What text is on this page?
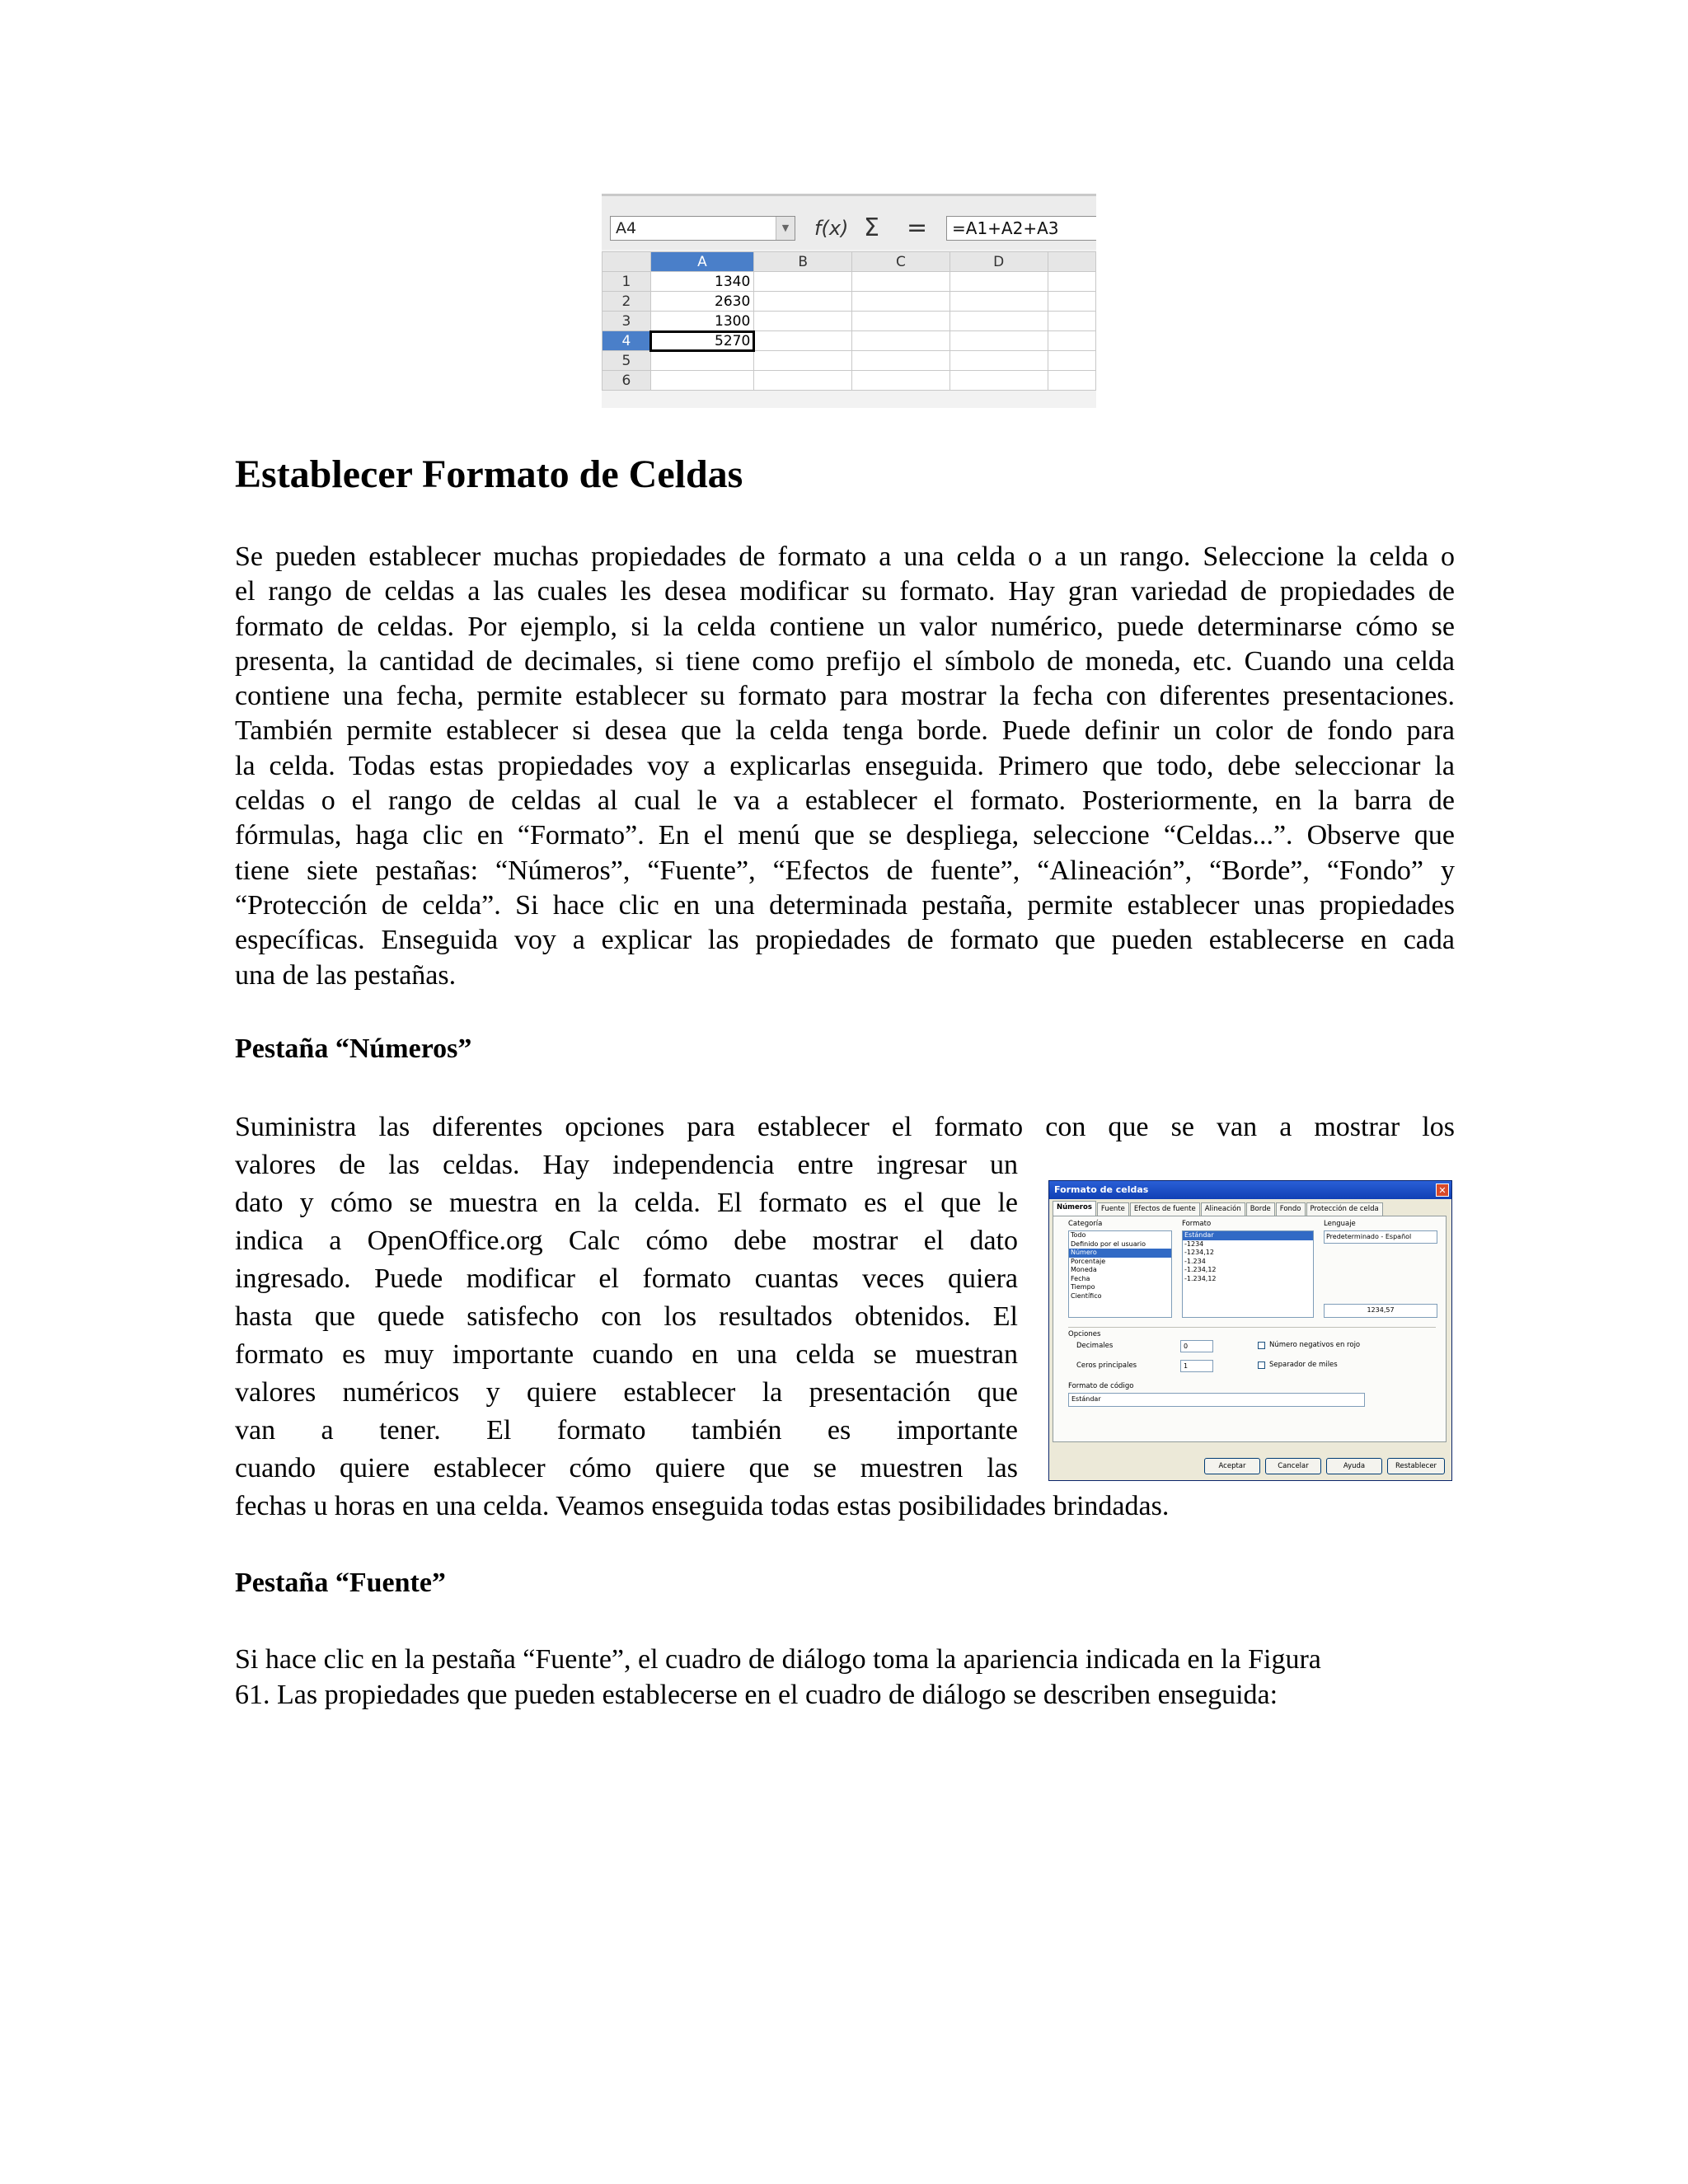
A4	▼ f(x) Σ =	=A1+A2+A3
	A	B	C	D	
1	1340				
2	2630				
3	1300				
4	5270				
5					
6					
Establecer Formato de Celdas

Se pueden establecer muchas propiedades de formato a una celda o a un rango. Seleccione la celda o
el rango de celdas a las cuales les desea modificar su formato. Hay gran variedad de propiedades de
formato de celdas. Por ejemplo, si la celda contiene un valor numérico, puede determinarse cómo se
presenta, la cantidad de decimales, si tiene como prefijo el símbolo de moneda, etc. Cuando una celda
contiene una fecha, permite establecer su formato para mostrar la fecha con diferentes presentaciones.
También permite establecer si desea que la celda tenga borde. Puede definir un color de fondo para
la celda. Todas estas propiedades voy a explicarlas enseguida. Primero que todo, debe seleccionar la
celdas o el rango de celdas al cual le va a establecer el formato. Posteriormente, en la barra de
fórmulas, haga clic en “Formato”. En el menú que se despliega, seleccione “Celdas...”. Observe que
tiene siete pestañas: “Números”, “Fuente”, “Efectos de fuente”, “Alineación”, “Borde”, “Fondo” y
“Protección de celda”. Si hace clic en una determinada pestaña, permite establecer unas propiedades
específicas. Enseguida voy a explicar las propiedades de formato que pueden establecerse en cada
una de las pestañas.

Pestaña “Números”

Suministra las diferentes opciones para establecer el formato con que se van a mostrar los

valores de las celdas. Hay independencia entre ingresar un
dato y cómo se muestra en la celda. El formato es el que le
indica a OpenOffice.org Calc cómo debe mostrar el dato
ingresado. Puede modificar el formato cuantas veces quiera
hasta que quede satisfecho con los resultados obtenidos. El
formato es muy importante cuando en una celda se muestran
valores numéricos y quiere establecer la presentación que
van a tener. El formato también es importante
cuando quiere establecer cómo quiere que se muestren las

fechas u horas en una celda. Veamos enseguida todas estas posibilidades brindadas.

Formato de celdas	✕
Números	Fuente	Efectos de fuente	Alineación	Borde	Fondo	Protección de celda
Categoría
Todo
Definido por el usuario
Número
Porcentaje
Moneda
Fecha
Tiempo
Científico
Formato
Estándar
-1234
-1234,12
-1.234
-1.234,12
-1.234,12
Lenguaje
Predeterminado - Español
1234,57
Opciones
Decimales	0
Ceros principales	1
Número negativos en rojo
Separador de miles
Formato de código
Estándar
Aceptar	Cancelar	Ayuda	Restablecer
Pestaña “Fuente”

Si hace clic en la pestaña “Fuente”, el cuadro de diálogo toma la apariencia indicada en la Figura
61. Las propiedades que pueden establecerse en el cuadro de diálogo se describen enseguida:
